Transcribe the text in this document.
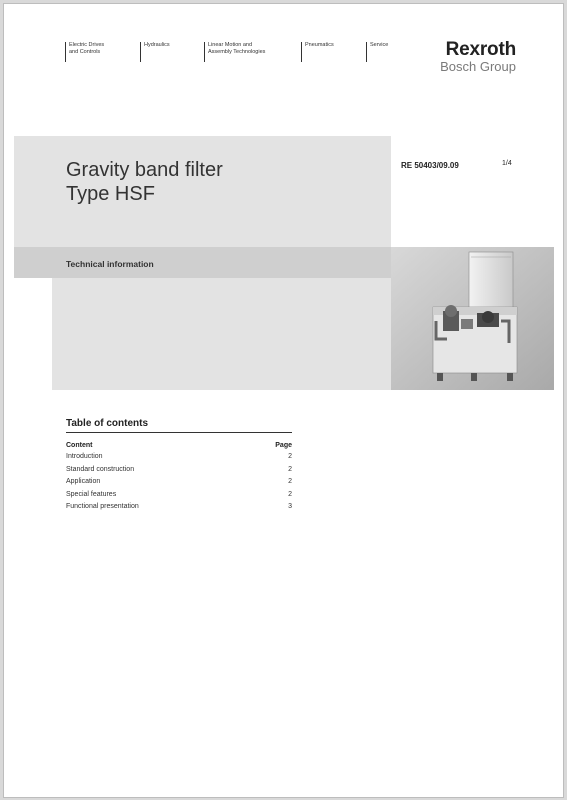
Electric Drives
and Controls
Hydraulics	Linear Motion and
Assembly Technologies
Pneumatics	Service	Rexroth
Bosch Group
Gravity band filter
Type HSF
RE 50403/09.09	1/4
Technical information
Table of contents
Content	Page
Introduction	2
Standard construction	2
Application	2
Special features	2
Functional presentation	3
